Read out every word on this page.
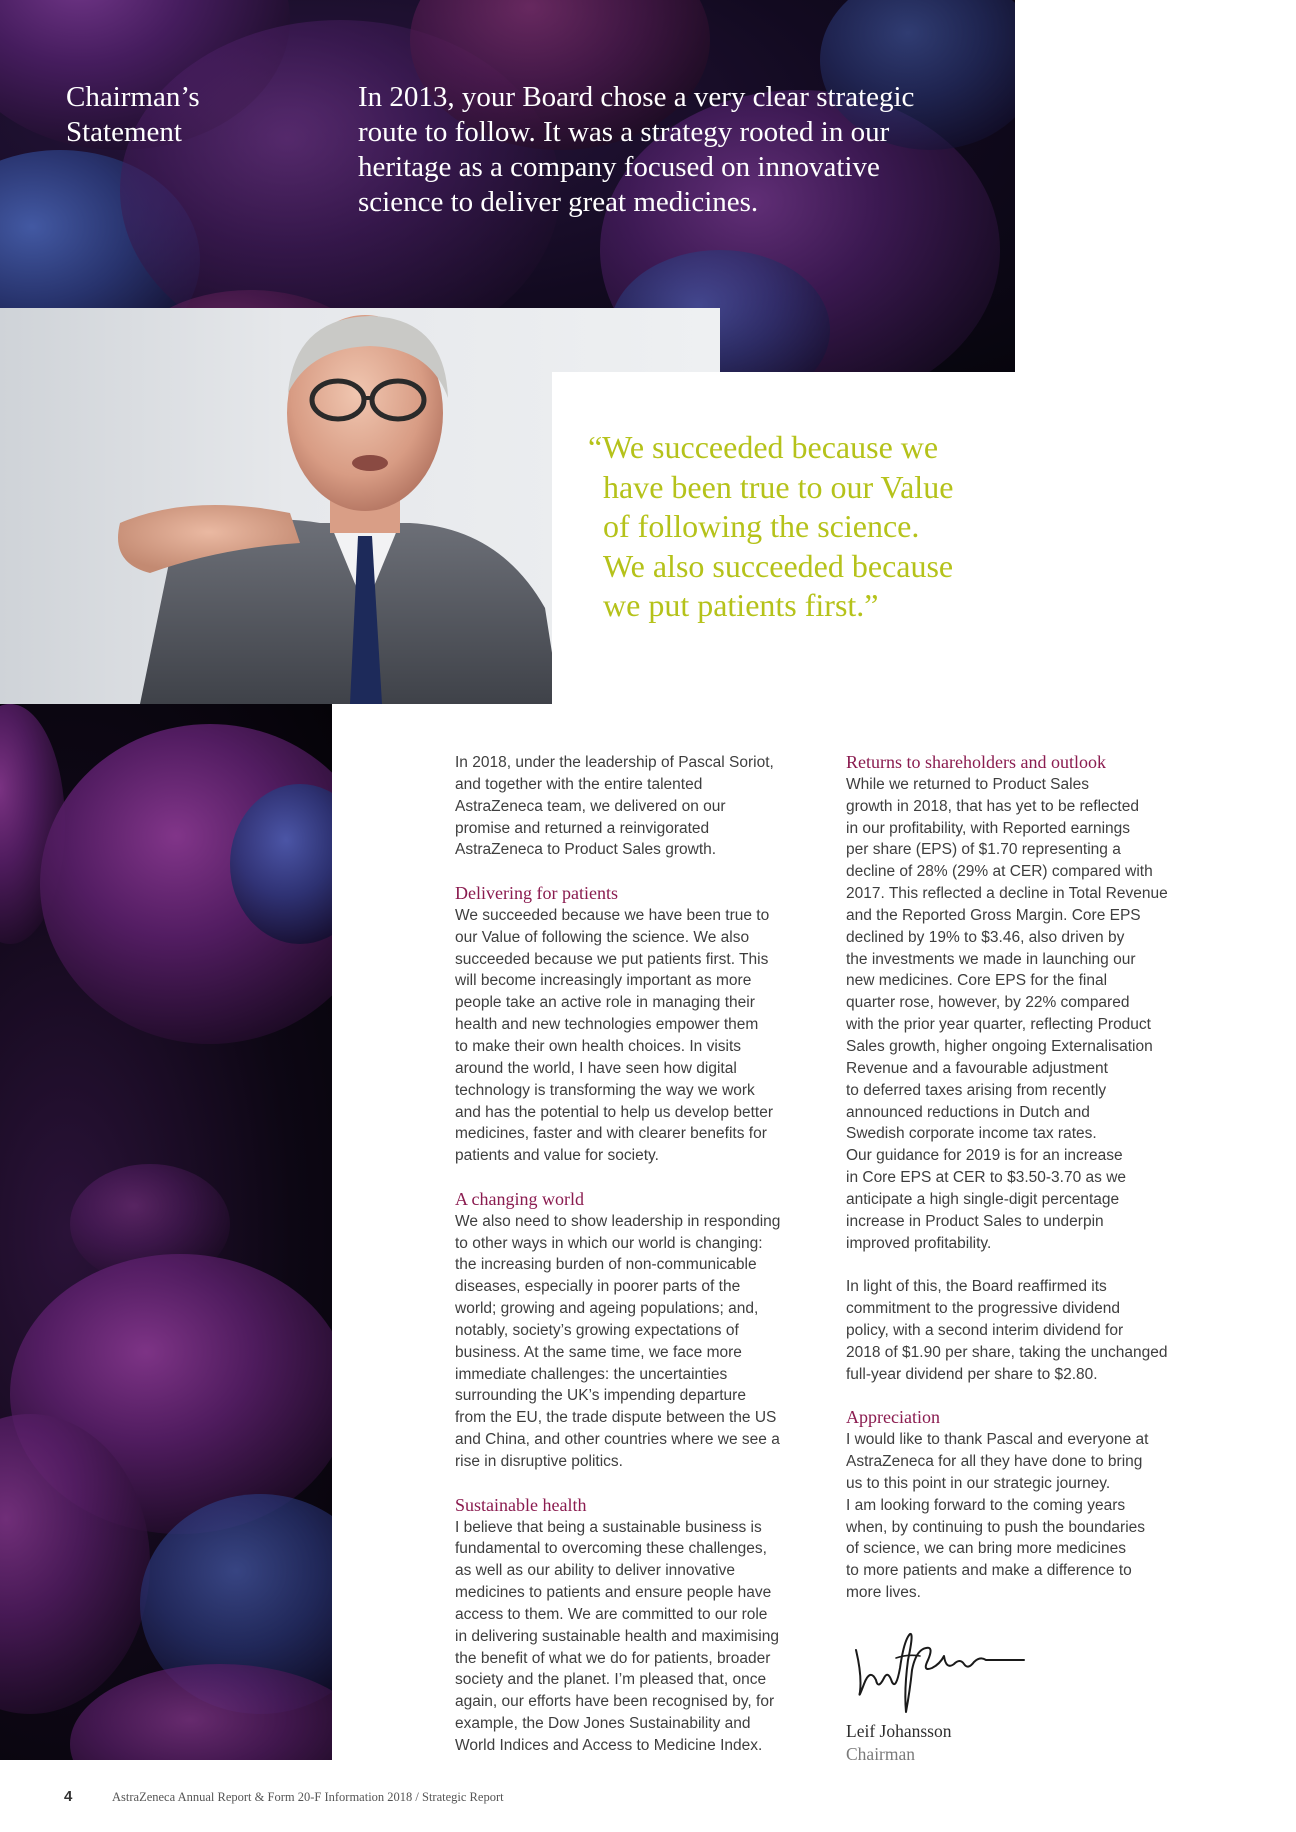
Chairman’s
Statement
In 2013, your Board chose a very clear strategic
route to follow. It was a strategy rooted in our
heritage as a company focused on innovative
science to deliver great medicines.
“We succeeded because we
have been true to our Value
of following the science.
We also succeeded because
we put patients first.”

In 2018, under the leadership of Pascal Soriot,

and together with the entire talented

AstraZeneca team, we delivered on our

promise and returned a reinvigorated

AstraZeneca to Product Sales growth.

Delivering for patients

We succeeded because we have been true to

our Value of following the science. We also

succeeded because we put patients first. This

will become increasingly important as more

people take an active role in managing their

health and new technologies empower them

to make their own health choices. In visits

around the world, I have seen how digital

technology is transforming the way we work

and has the potential to help us develop better

medicines, faster and with clearer benefits for

patients and value for society.

A changing world

We also need to show leadership in responding

to other ways in which our world is changing:

the increasing burden of non-communicable

diseases, especially in poorer parts of the

world; growing and ageing populations; and,

notably, society’s growing expectations of

business. At the same time, we face more

immediate challenges: the uncertainties

surrounding the UK’s impending departure

from the EU, the trade dispute between the US

and China, and other countries where we see a

rise in disruptive politics.

Sustainable health

I believe that being a sustainable business is

fundamental to overcoming these challenges,

as well as our ability to deliver innovative

medicines to patients and ensure people have

access to them. We are committed to our role

in delivering sustainable health and maximising

the benefit of what we do for patients, broader

society and the planet. I’m pleased that, once

again, our efforts have been recognised by, for

example, the Dow Jones Sustainability and

World Indices and Access to Medicine Index.

Returns to shareholders and outlook

While we returned to Product Sales

growth in 2018, that has yet to be reflected

in our profitability, with Reported earnings

per share (EPS) of $1.70 representing a

decline of 28% (29% at CER) compared with

2017. This reflected a decline in Total Revenue

and the Reported Gross Margin. Core EPS

declined by 19% to $3.46, also driven by

the investments we made in launching our

new medicines. Core EPS for the final

quarter rose, however, by 22% compared

with the prior year quarter, reflecting Product

Sales growth, higher ongoing Externalisation

Revenue and a favourable adjustment

to deferred taxes arising from recently

announced reductions in Dutch and

Swedish corporate income tax rates.

Our guidance for 2019 is for an increase

in Core EPS at CER to $3.50-3.70 as we

anticipate a high single-digit percentage

increase in Product Sales to underpin

improved profitability.

In light of this, the Board reaffirmed its

commitment to the progressive dividend

policy, with a second interim dividend for

2018 of $1.90 per share, taking the unchanged

full-year dividend per share to $2.80.

Appreciation

I would like to thank Pascal and everyone at

AstraZeneca for all they have done to bring

us to this point in our strategic journey.

I am looking forward to the coming years

when, by continuing to push the boundaries

of science, we can bring more medicines

to more patients and make a difference to

more lives.

Leif Johansson
Chairman
4	AstraZeneca Annual Report & Form 20-F Information 2018 / Strategic Report
